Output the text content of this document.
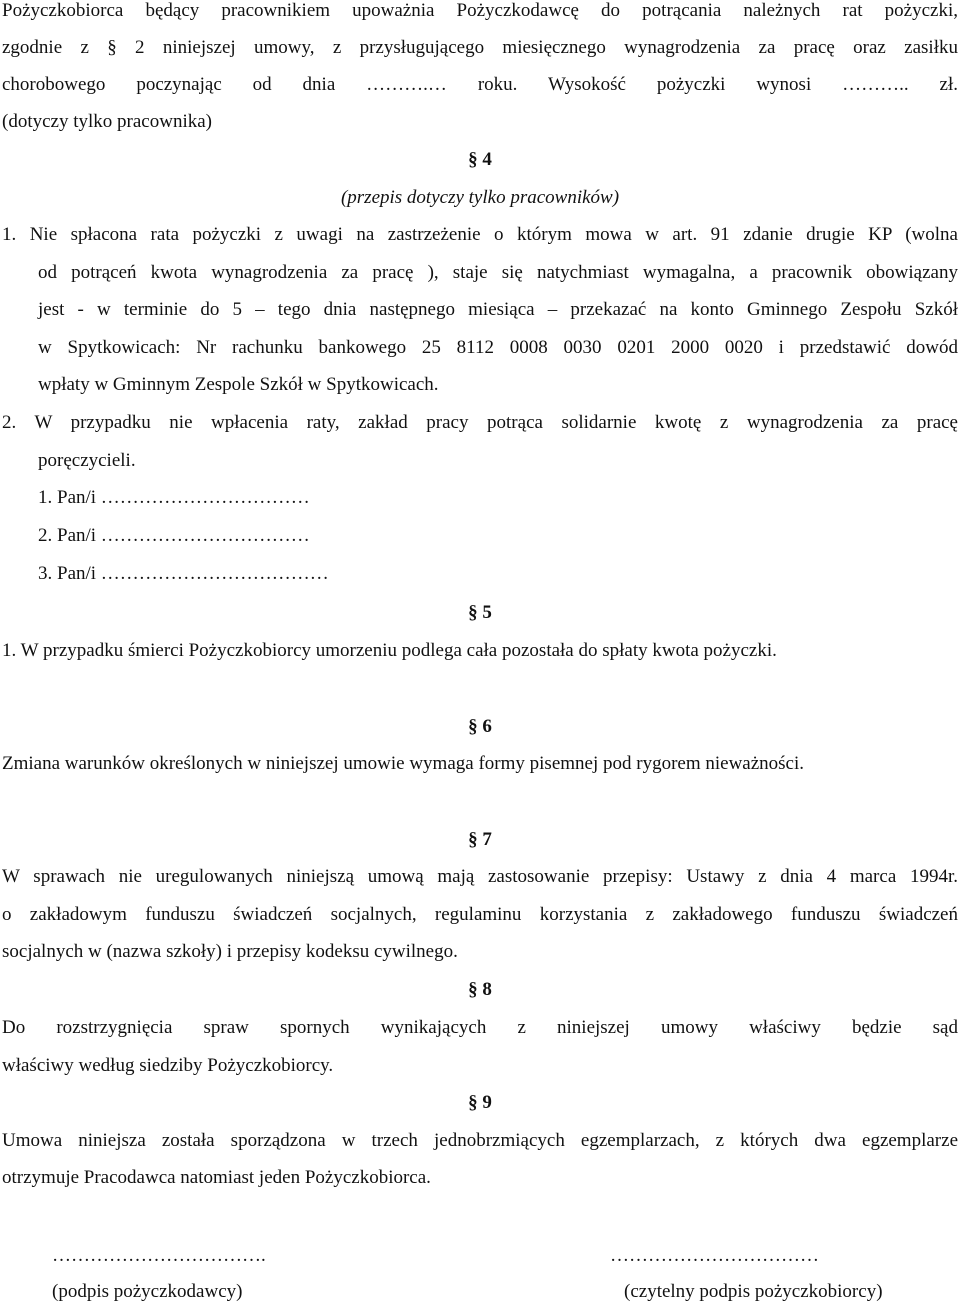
Pożyczkobiorca będący pracownikiem upoważnia Pożyczkodawcę do potrącania należnych rat pożyczki,
zgodnie z § 2 niniejszej umowy, z przysługującego miesięcznego wynagrodzenia za pracę oraz zasiłku
chorobowego poczynając od dnia ……….… roku. Wysokość pożyczki wynosi ……….. zł.
(dotyczy tylko pracownika)
§ 4
(przepis dotyczy tylko pracowników)
1. Nie spłacona rata pożyczki z uwagi na zastrzeżenie o którym mowa w art. 91 zdanie drugie KP (wolna
od potrąceń kwota wynagrodzenia za pracę ), staje się natychmiast wymagalna, a pracownik obowiązany
jest - w terminie do 5 – tego dnia następnego miesiąca – przekazać na konto Gminnego Zespołu Szkół
w Spytkowicach: Nr rachunku bankowego 25 8112 0008 0030 0201 2000 0020 i przedstawić dowód
wpłaty w Gminnym Zespole Szkół w Spytkowicach.
2. W przypadku nie wpłacenia raty, zakład pracy potrąca solidarnie kwotę z wynagrodzenia za pracę
poręczycieli.
1. Pan/i ……………………………
2. Pan/i ……………………………
3. Pan/i ………………………………
§ 5
1. W przypadku śmierci Pożyczkobiorcy umorzeniu podlega cała pozostała do spłaty kwota pożyczki.
§ 6
Zmiana warunków określonych w niniejszej umowie wymaga formy pisemnej pod rygorem nieważności.
§ 7
W sprawach nie uregulowanych niniejszą umową mają zastosowanie przepisy: Ustawy z dnia 4 marca 1994r.
o zakładowym funduszu świadczeń socjalnych, regulaminu korzystania z zakładowego funduszu świadczeń
socjalnych w (nazwa szkoły) i przepisy kodeksu cywilnego.
§ 8
Do rozstrzygnięcia spraw spornych wynikających z niniejszej umowy właściwy będzie sąd
właściwy według siedziby Pożyczkobiorcy.
§ 9
Umowa niniejsza została sporządzona w trzech jednobrzmiących egzemplarzach, z których dwa egzemplarze
otrzymuje Pracodawca natomiast jeden Pożyczkobiorca.
…………………………….
(podpis pożyczkodawcy)
……………………………
(czytelny podpis pożyczkobiorcy)
